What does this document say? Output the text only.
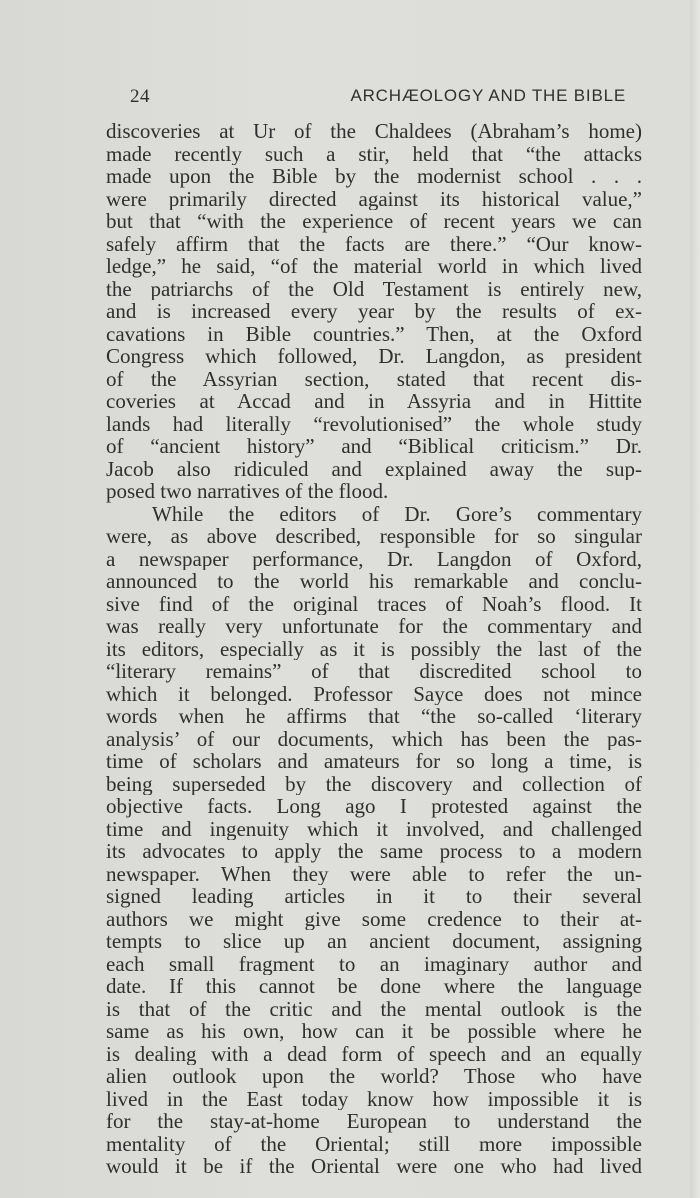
24	ARCHÆOLOGY AND THE BIBLE
discoveries at Ur of the Chaldees (Abraham’s home)
made recently such a stir, held that “the attacks
made upon the Bible by the modernist school . . .
were primarily directed against its historical value,”
but that “with the experience of recent years we can
safely affirm that the facts are there.” “Our know-
ledge,” he said, “of the material world in which lived
the patriarchs of the Old Testament is entirely new,
and is increased every year by the results of ex-
cavations in Bible countries.” Then, at the Oxford
Congress which followed, Dr. Langdon, as president
of the Assyrian section, stated that recent dis-
coveries at Accad and in Assyria and in Hittite
lands had literally “revolutionised” the whole study
of “ancient history” and “Biblical criticism.” Dr.
Jacob also ridiculed and explained away the sup-
posed two narratives of the flood.
While the editors of Dr. Gore’s commentary
were, as above described, responsible for so singular
a newspaper performance, Dr. Langdon of Oxford,
announced to the world his remarkable and conclu-
sive find of the original traces of Noah’s flood. It
was really very unfortunate for the commentary and
its editors, especially as it is possibly the last of the
“literary remains” of that discredited school to
which it belonged. Professor Sayce does not mince
words when he affirms that “the so-called ‘literary
analysis’ of our documents, which has been the pas-
time of scholars and amateurs for so long a time, is
being superseded by the discovery and collection of
objective facts. Long ago I protested against the
time and ingenuity which it involved, and challenged
its advocates to apply the same process to a modern
newspaper. When they were able to refer the un-
signed leading articles in it to their several
authors we might give some credence to their at-
tempts to slice up an ancient document, assigning
each small fragment to an imaginary author and
date. If this cannot be done where the language
is that of the critic and the mental outlook is the
same as his own, how can it be possible where he
is dealing with a dead form of speech and an equally
alien outlook upon the world? Those who have
lived in the East today know how impossible it is
for the stay-at-home European to understand the
mentality of the Oriental; still more impossible
would it be if the Oriental were one who had lived
